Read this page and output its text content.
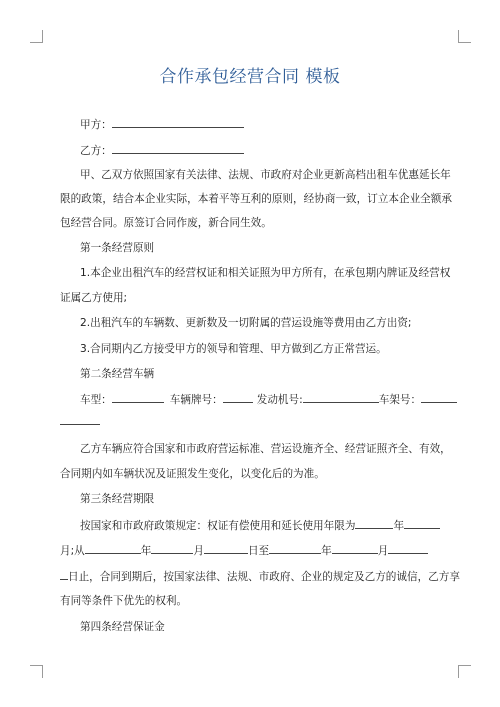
合作承包经营合同 模板
甲方：
乙方：
甲、乙双方依照国家有关法律、法规、市政府对企业更新高档出租车优惠延长年
限的政策，结合本企业实际，本着平等互利的原则，经协商一致，订立本企业全额承
包经营合同。原签订合同作废，新合同生效。
第一条经营原则
1.本企业出租汽车的经营权证和相关证照为甲方所有，在承包期内牌证及经营权
证属乙方使用;
2.出租汽车的车辆数、更新数及一切附属的营运设施等费用由乙方出资;
3.合同期内乙方接受甲方的领导和管理、甲方做到乙方正常营运。
第二条经营车辆
车型：	车辆牌号：	发动机号:	车架号：
乙方车辆应符合国家和市政府营运标准、营运设施齐全、经营证照齐全、有效，
合同期内如车辆状况及证照发生变化，以变化后的为准。
第三条经营期限
按国家和市政府政策规定：权证有偿使用和延长使用年限为	年
月;从	年	月	日至	年	月
日止，合同到期后，按国家法律、法规、市政府、企业的规定及乙方的诚信，乙方享
有同等条件下优先的权利。
第四条经营保证金
